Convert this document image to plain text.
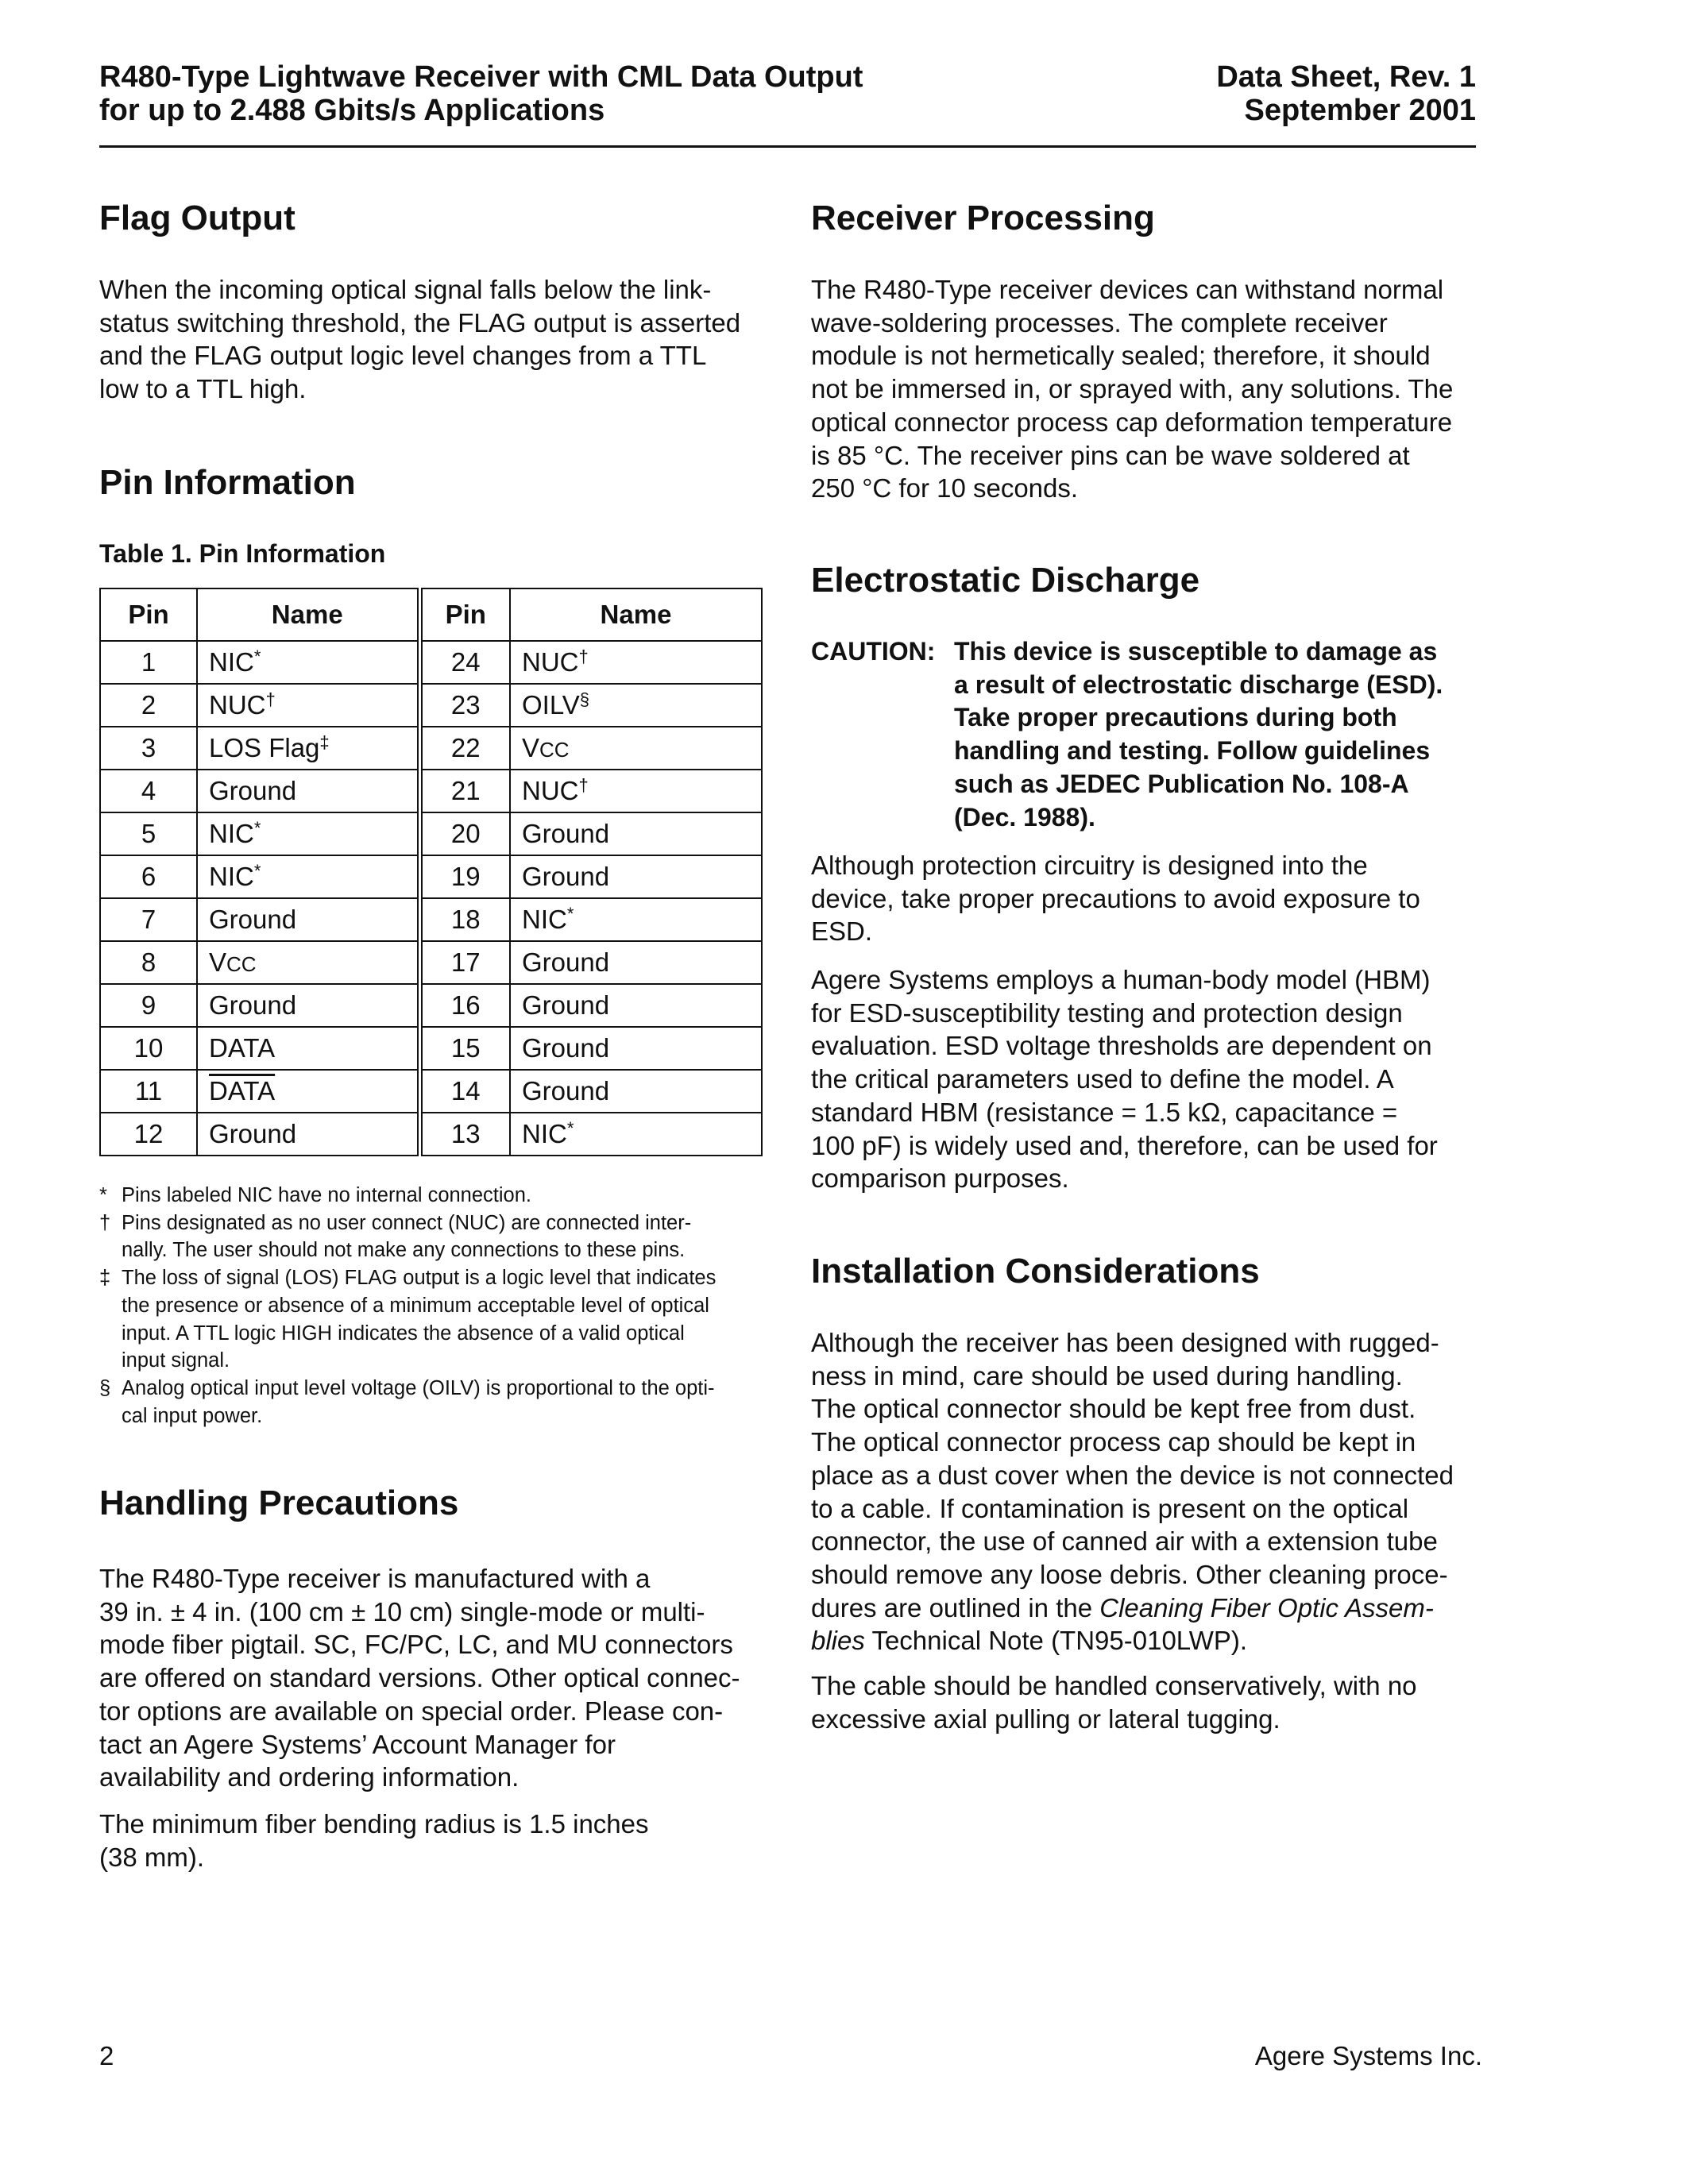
R480-Type Lightwave Receiver with CML Data Output
for up to 2.488 Gbits/s Applications
Data Sheet, Rev. 1
September 2001
Flag Output
When the incoming optical signal falls below the link-
status switching threshold, the FLAG output is asserted
and the FLAG output logic level changes from a TTL
low to a TTL high.
Pin Information
Table 1. Pin Information
Pin	Name	Pin	Name
1	NIC*	24	NUC†
2	NUC†	23	OILV§
3	LOS Flag‡	22	VCC
4	Ground	21	NUC†
5	NIC*	20	Ground
6	NIC*	19	Ground
7	Ground	18	NIC*
8	VCC	17	Ground
9	Ground	16	Ground
10	DATA	15	Ground
11	DATA	14	Ground
12	Ground	13	NIC*
* Pins labeled NIC have no internal connection.
† Pins designated as no user connect (NUC) are connected inter-
nally. The user should not make any connections to these pins.
‡ The loss of signal (LOS) FLAG output is a logic level that indicates
the presence or absence of a minimum acceptable level of optical
input. A TTL logic HIGH indicates the absence of a valid optical
input signal.
§ Analog optical input level voltage (OILV) is proportional to the opti-
cal input power.
Handling Precautions
The R480-Type receiver is manufactured with a
39 in. ± 4 in. (100 cm ± 10 cm) single-mode or multi-
mode fiber pigtail. SC, FC/PC, LC, and MU connectors
are offered on standard versions. Other optical connec-
tor options are available on special order. Please con-
tact an Agere Systems’ Account Manager for
availability and ordering information.
The minimum fiber bending radius is 1.5 inches
(38 mm).
Receiver Processing
The R480-Type receiver devices can withstand normal
wave-soldering processes. The complete receiver
module is not hermetically sealed; therefore, it should
not be immersed in, or sprayed with, any solutions. The
optical connector process cap deformation temperature
is 85 °C. The receiver pins can be wave soldered at
250 °C for 10 seconds.
Electrostatic Discharge
CAUTION: This device is susceptible to damage as
a result of electrostatic discharge (ESD).
Take proper precautions during both
handling and testing. Follow guidelines
such as JEDEC Publication No. 108-A
(Dec. 1988).
Although protection circuitry is designed into the
device, take proper precautions to avoid exposure to
ESD.
Agere Systems employs a human-body model (HBM)
for ESD-susceptibility testing and protection design
evaluation. ESD voltage thresholds are dependent on
the critical parameters used to define the model. A
standard HBM (resistance = 1.5 kΩ, capacitance =
100 pF) is widely used and, therefore, can be used for
comparison purposes.
Installation Considerations
Although the receiver has been designed with rugged-
ness in mind, care should be used during handling.
The optical connector should be kept free from dust.
The optical connector process cap should be kept in
place as a dust cover when the device is not connected
to a cable. If contamination is present on the optical
connector, the use of canned air with a extension tube
should remove any loose debris. Other cleaning proce-
dures are outlined in the Cleaning Fiber Optic Assem-
blies Technical Note (TN95-010LWP).
The cable should be handled conservatively, with no
excessive axial pulling or lateral tugging.
2	Agere Systems Inc.
